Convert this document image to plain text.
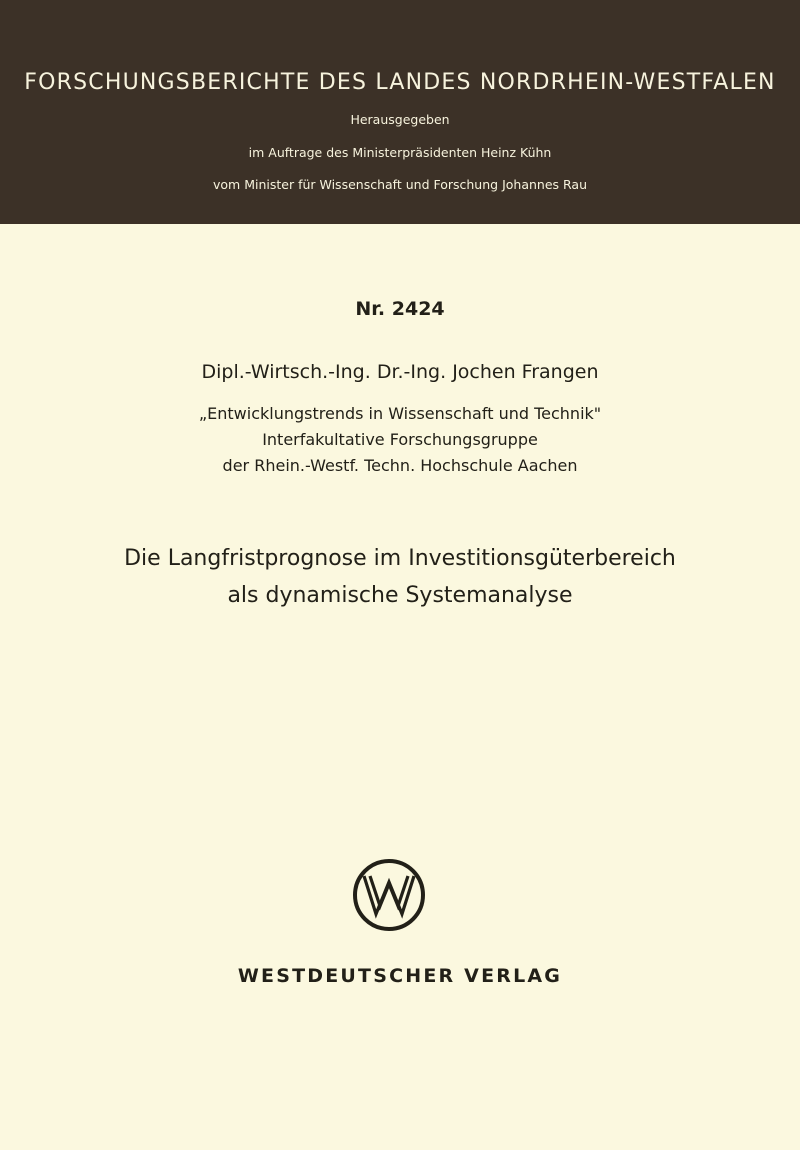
FORSCHUNGSBERICHTE DES LANDES NORDRHEIN-WESTFALEN
Herausgegeben
im Auftrage des Ministerpräsidenten Heinz Kühn
vom Minister für Wissenschaft und Forschung Johannes Rau
Nr. 2424
Dipl.-Wirtsch.-Ing. Dr.-Ing. Jochen Frangen
„Entwicklungstrends in Wissenschaft und Technik"
Interfakultative Forschungsgruppe
der Rhein.-Westf. Techn. Hochschule Aachen
Die Langfristprognose im Investitionsgüterbereich
als dynamische Systemanalyse
WESTDEUTSCHER VERLAG
